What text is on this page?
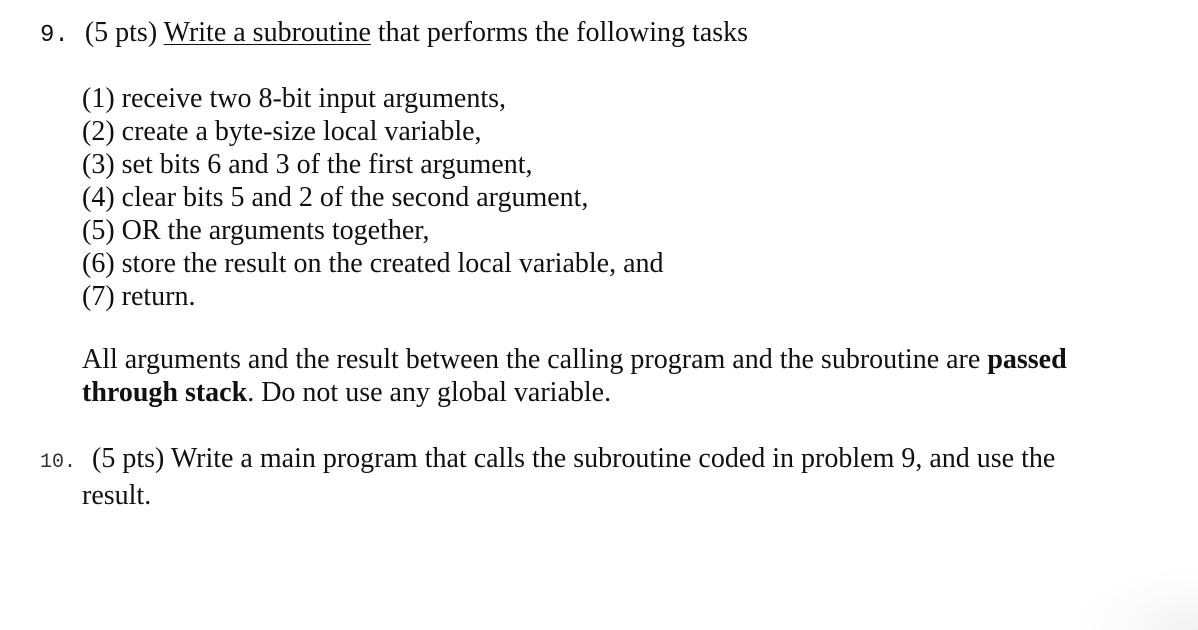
9. (5 pts) Write a subroutine that performs the following tasks
(1) receive two 8-bit input arguments,
(2) create a byte-size local variable,
(3) set bits 6 and 3 of the first argument,
(4) clear bits 5 and 2 of the second argument,
(5) OR the arguments together,
(6) store the result on the created local variable, and
(7) return.
All arguments and the result between the calling program and the subroutine are passed through stack. Do not use any global variable.
10. (5 pts) Write a main program that calls the subroutine coded in problem 9, and use the
result.
